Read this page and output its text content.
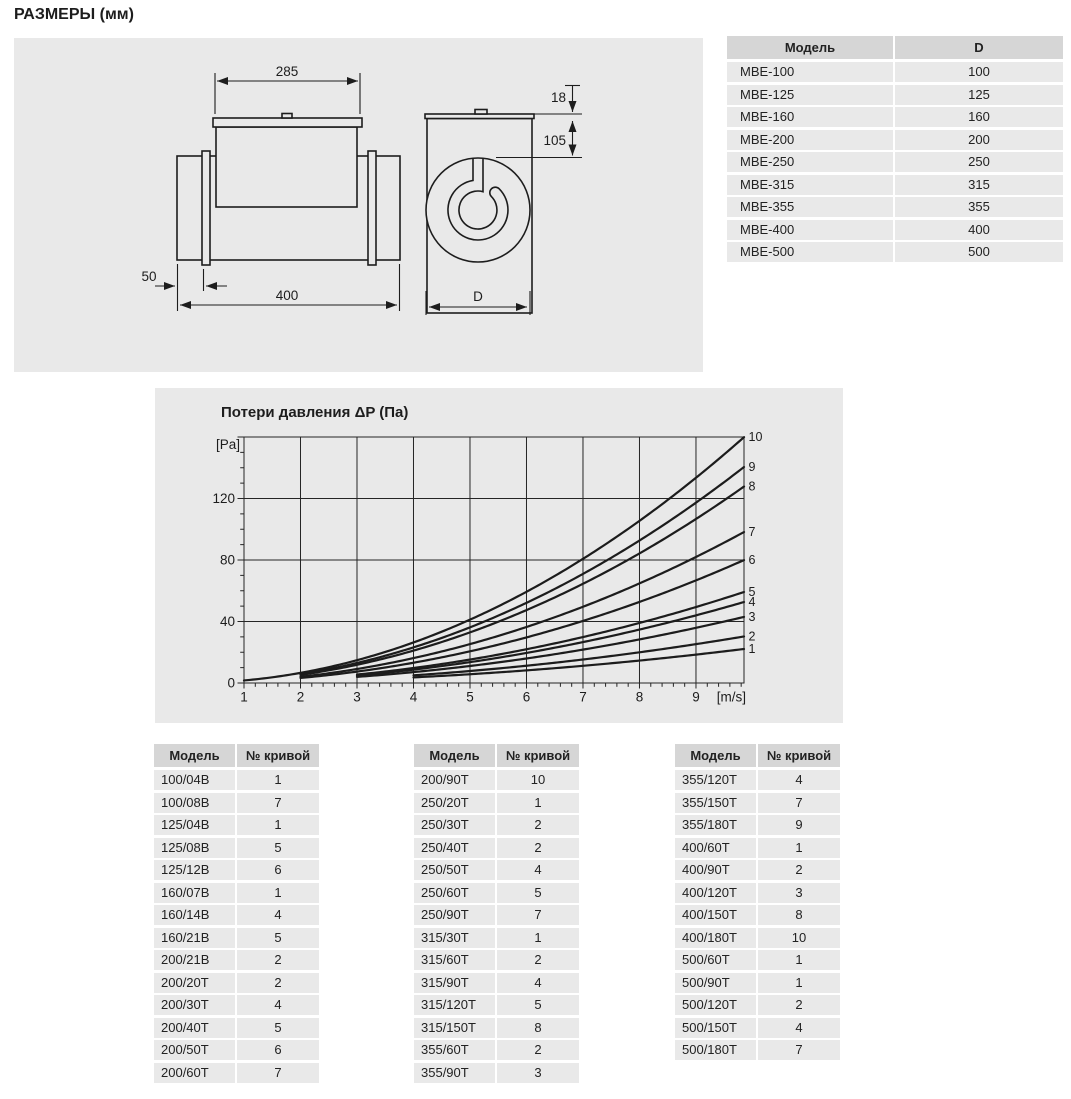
РАЗМЕРЫ (мм)
285
50
400
18
105
D
Модель	D
MBE-100	100
MBE-125	125
MBE-160	160
MBE-200	200
MBE-250	250
MBE-315	315
MBE-355	355
MBE-400	400
MBE-500	500
Потери давления ΔP (Па)
1	2	3	4	5	6	7	8	9 [m/s]
0
40
80
120
[Pa]
1
2
3
4
5
6
7
8
9
10
Модель	№ кривой
100/04B	1
100/08B	7
125/04B	1
125/08B	5
125/12B	6
160/07B	1
160/14B	4
160/21B	5
200/21B	2
200/20T	2
200/30T	4
200/40T	5
200/50T	6
200/60T	7
Модель	№ кривой
200/90T	10
250/20T	1
250/30T	2
250/40T	2
250/50T	4
250/60T	5
250/90T	7
315/30T	1
315/60T	2
315/90T	4
315/120T	5
315/150T	8
355/60T	2
355/90T	3
Модель	№ кривой
355/120T	4
355/150T	7
355/180T	9
400/60T	1
400/90T	2
400/120T	3
400/150T	8
400/180T	10
500/60T	1
500/90T	1
500/120T	2
500/150T	4
500/180T	7
